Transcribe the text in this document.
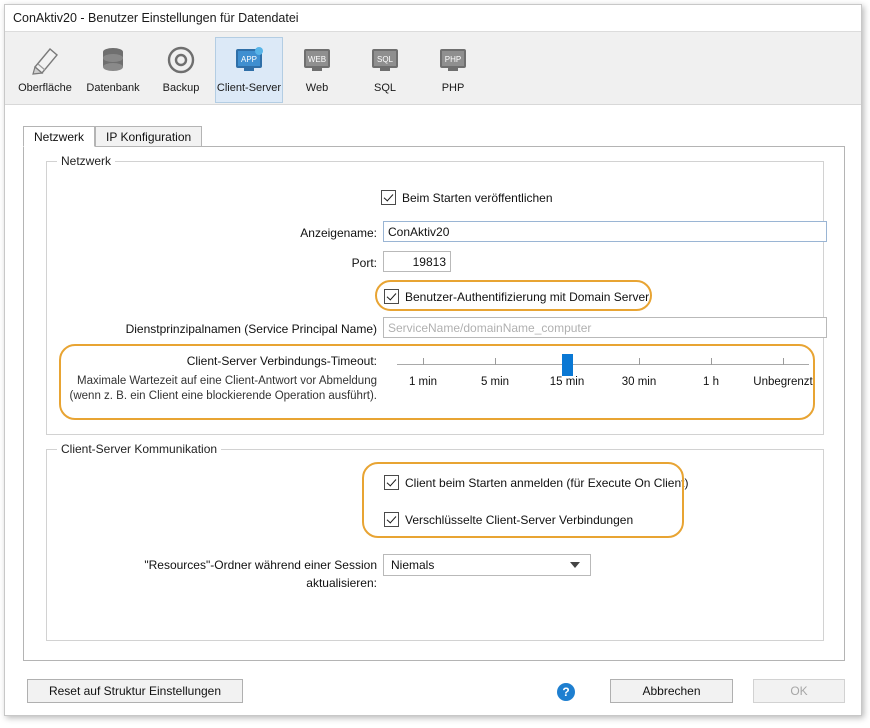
ConAktiv20 - Benutzer Einstellungen für Datendatei
Oberfläche Datenbank Backup
APP
Client-Server
WEB
Web
SQL
SQL
PHP
PHP
Netzwerk	IP Konfiguration
Netzwerk
Beim Starten veröffentlichen
Anzeigename:
ConAktiv20
Port:
19813
Benutzer-Authentifizierung mit Domain Server
Dienstprinzipalnamen (Service Principal Name)
ServiceName/domainName_computer
Client-Server Verbindungs-Timeout:
Maximale Wartezeit auf eine Client-Antwort vor Abmeldung (wenn z. B. ein Client eine blockierende Operation ausführt).
1 min	5 min	15 min	30 min	1 h	Unbegrenzt
Client-Server Kommunikation
Client beim Starten anmelden (für Execute On Client)
Verschlüsselte Client-Server Verbindungen
"Resources"-Ordner während einer Session
aktualisieren:
Niemals
Reset auf Struktur Einstellungen	?	Abbrechen	OK
